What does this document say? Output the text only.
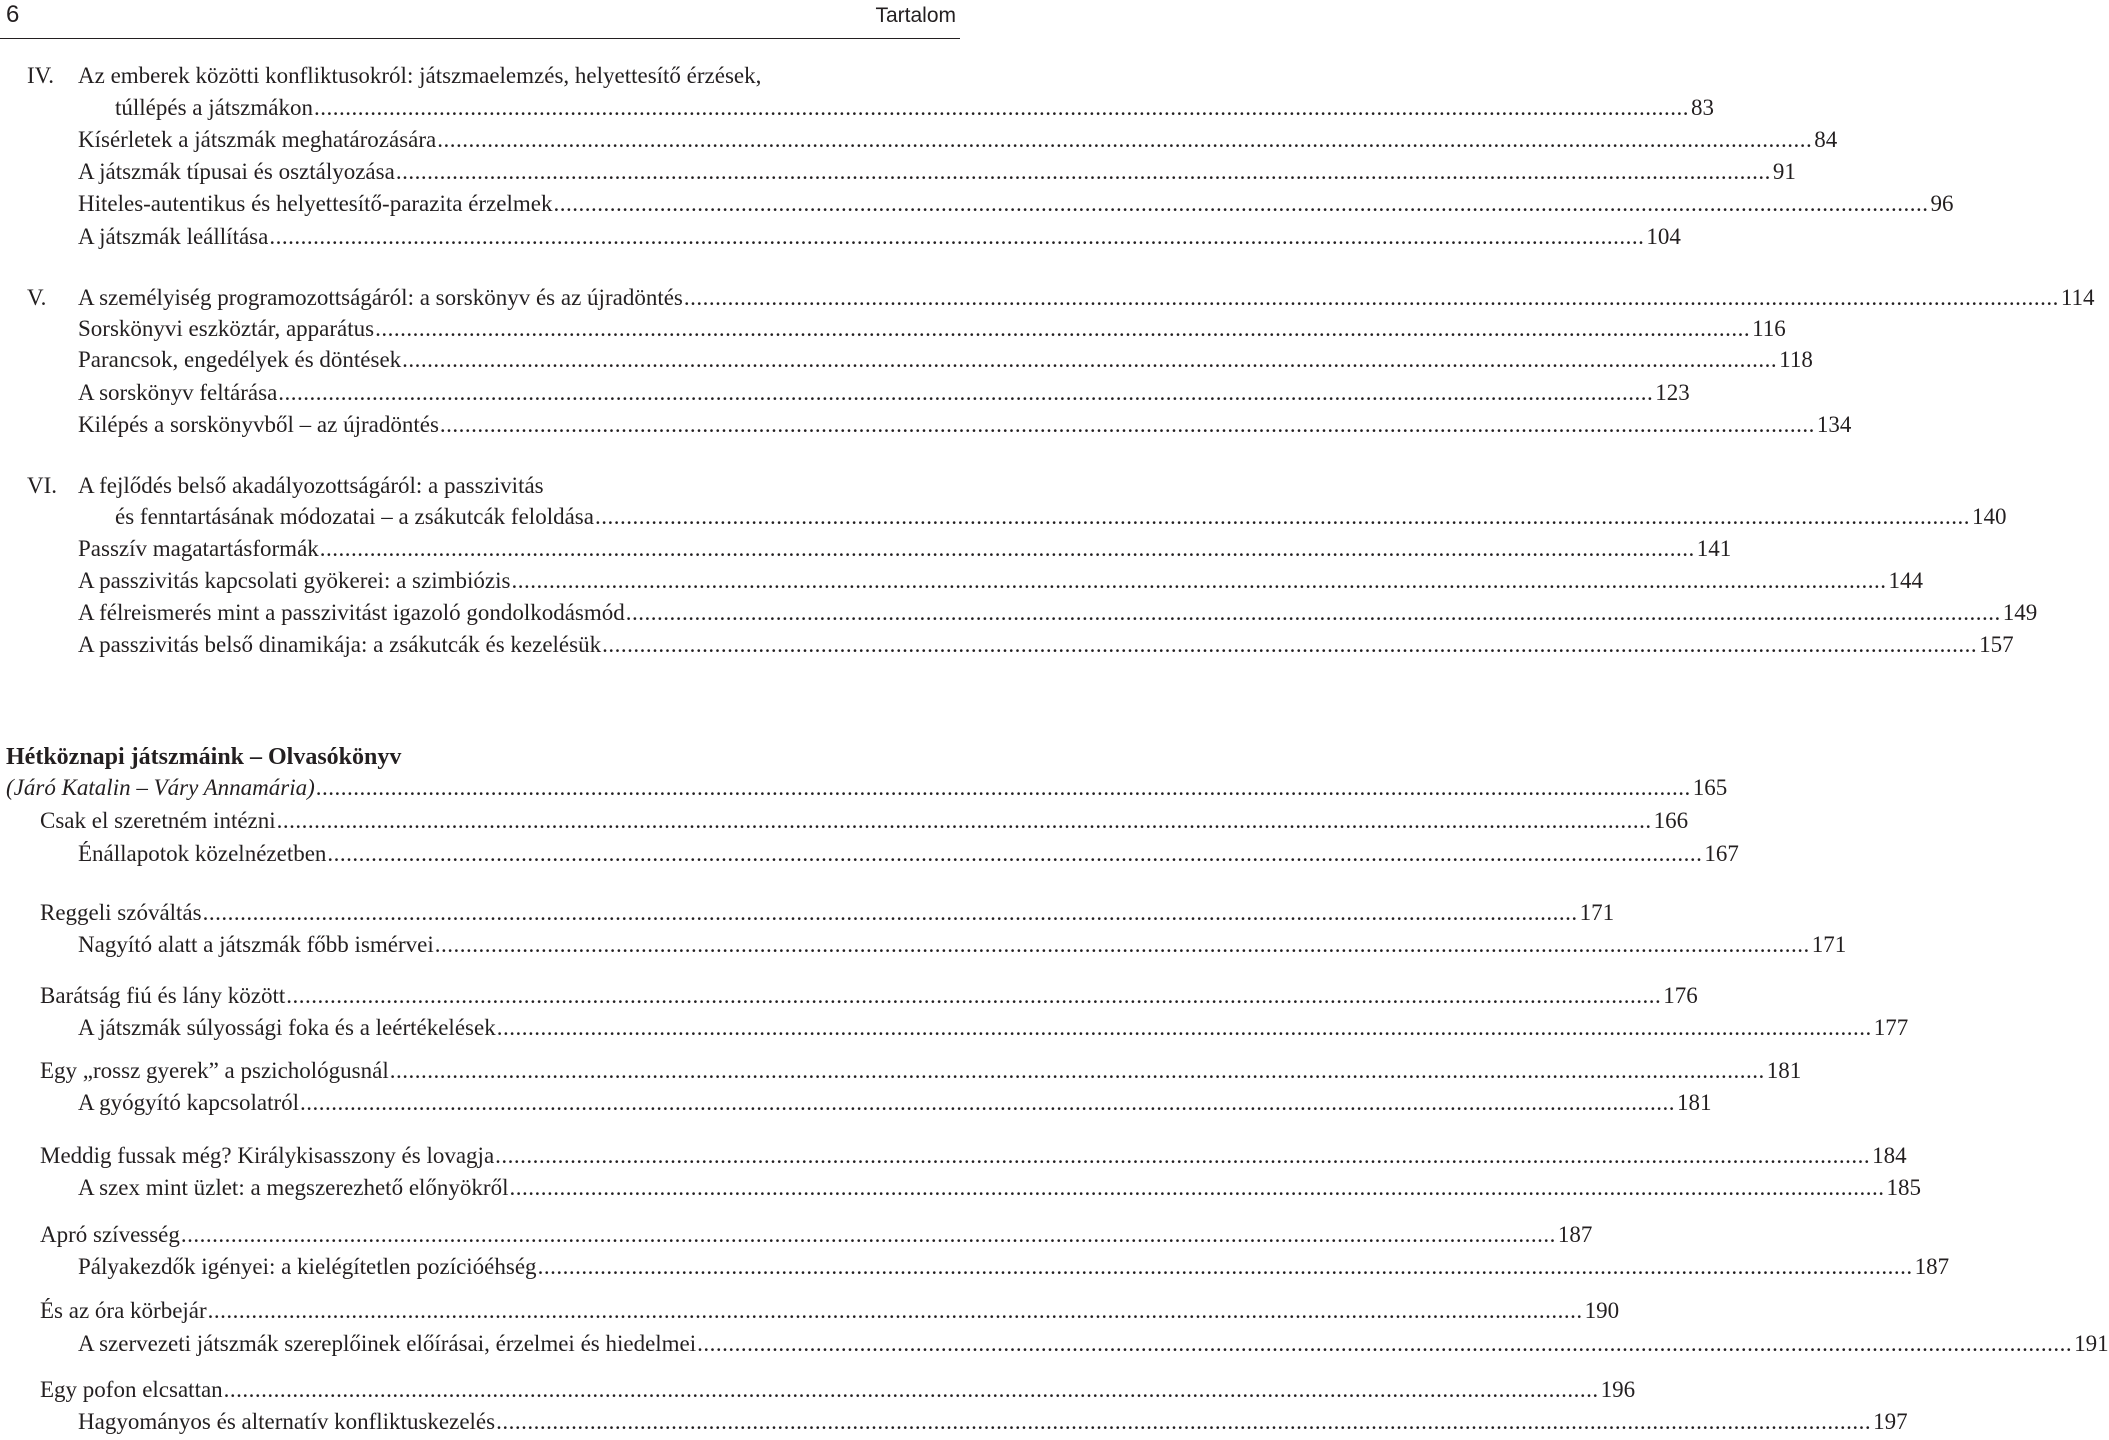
6	Tartalom
IV. Az emberek közötti konfliktusokról: játszmaelemzés, helyettesítő érzések,
túllépés a játszmákon ............................................................................................................................................................................................................................ 83
Kísérletek a játszmák meghatározására ............................................................................................................................................................................................................................ 84
A játszmák típusai és osztályozása ............................................................................................................................................................................................................................ 91
Hiteles-autentikus és helyettesítő-parazita érzelmek ............................................................................................................................................................................................................................ 96
A játszmák leállítása ............................................................................................................................................................................................................................ 104
V. A személyiség programozottságáról: a sorskönyv és az újradöntés ............................................................................................................................................................................................................................ 114
Sorskönyvi eszköztár, apparátus ............................................................................................................................................................................................................................ 116
Parancsok, engedélyek és döntések ............................................................................................................................................................................................................................ 118
A sorskönyv feltárása ............................................................................................................................................................................................................................ 123
Kilépés a sorskönyvből – az újradöntés ............................................................................................................................................................................................................................ 134
VI. A fejlődés belső akadályozottságáról: a passzivitás
és fenntartásának módozatai – a zsákutcák feloldása ............................................................................................................................................................................................................................ 140
Passzív magatartásformák ............................................................................................................................................................................................................................ 141
A passzivitás kapcsolati gyökerei: a szimbiózis ............................................................................................................................................................................................................................ 144
A félreismerés mint a passzivitást igazoló gondolkodásmód ............................................................................................................................................................................................................................ 149
A passzivitás belső dinamikája: a zsákutcák és kezelésük ............................................................................................................................................................................................................................ 157
Hétköznapi játszmáink – Olvasókönyv
(Járó Katalin – Váry Annamária) ............................................................................................................................................................................................................................ 165
Csak el szeretném intézni ............................................................................................................................................................................................................................ 166
Énállapotok közelnézetben ............................................................................................................................................................................................................................ 167
Reggeli szóváltás ............................................................................................................................................................................................................................ 171
Nagyító alatt a játszmák főbb ismérvei ............................................................................................................................................................................................................................ 171
Barátság fiú és lány között ............................................................................................................................................................................................................................ 176
A játszmák súlyossági foka és a leértékelések ............................................................................................................................................................................................................................ 177
Egy „rossz gyerek” a pszichológusnál ............................................................................................................................................................................................................................ 181
A gyógyító kapcsolatról ............................................................................................................................................................................................................................ 181
Meddig fussak még? Királykisasszony és lovagja ............................................................................................................................................................................................................................ 184
A szex mint üzlet: a megszerezhető előnyökről ............................................................................................................................................................................................................................ 185
Apró szívesség ............................................................................................................................................................................................................................ 187
Pályakezdők igényei: a kielégítetlen pozícióéhség ............................................................................................................................................................................................................................ 187
És az óra körbejár ............................................................................................................................................................................................................................ 190
A szervezeti játszmák szereplőinek előírásai, érzelmei és hiedelmei ............................................................................................................................................................................................................................ 191
Egy pofon elcsattan ............................................................................................................................................................................................................................ 196
Hagyományos és alternatív konfliktuskezelés ............................................................................................................................................................................................................................ 197
